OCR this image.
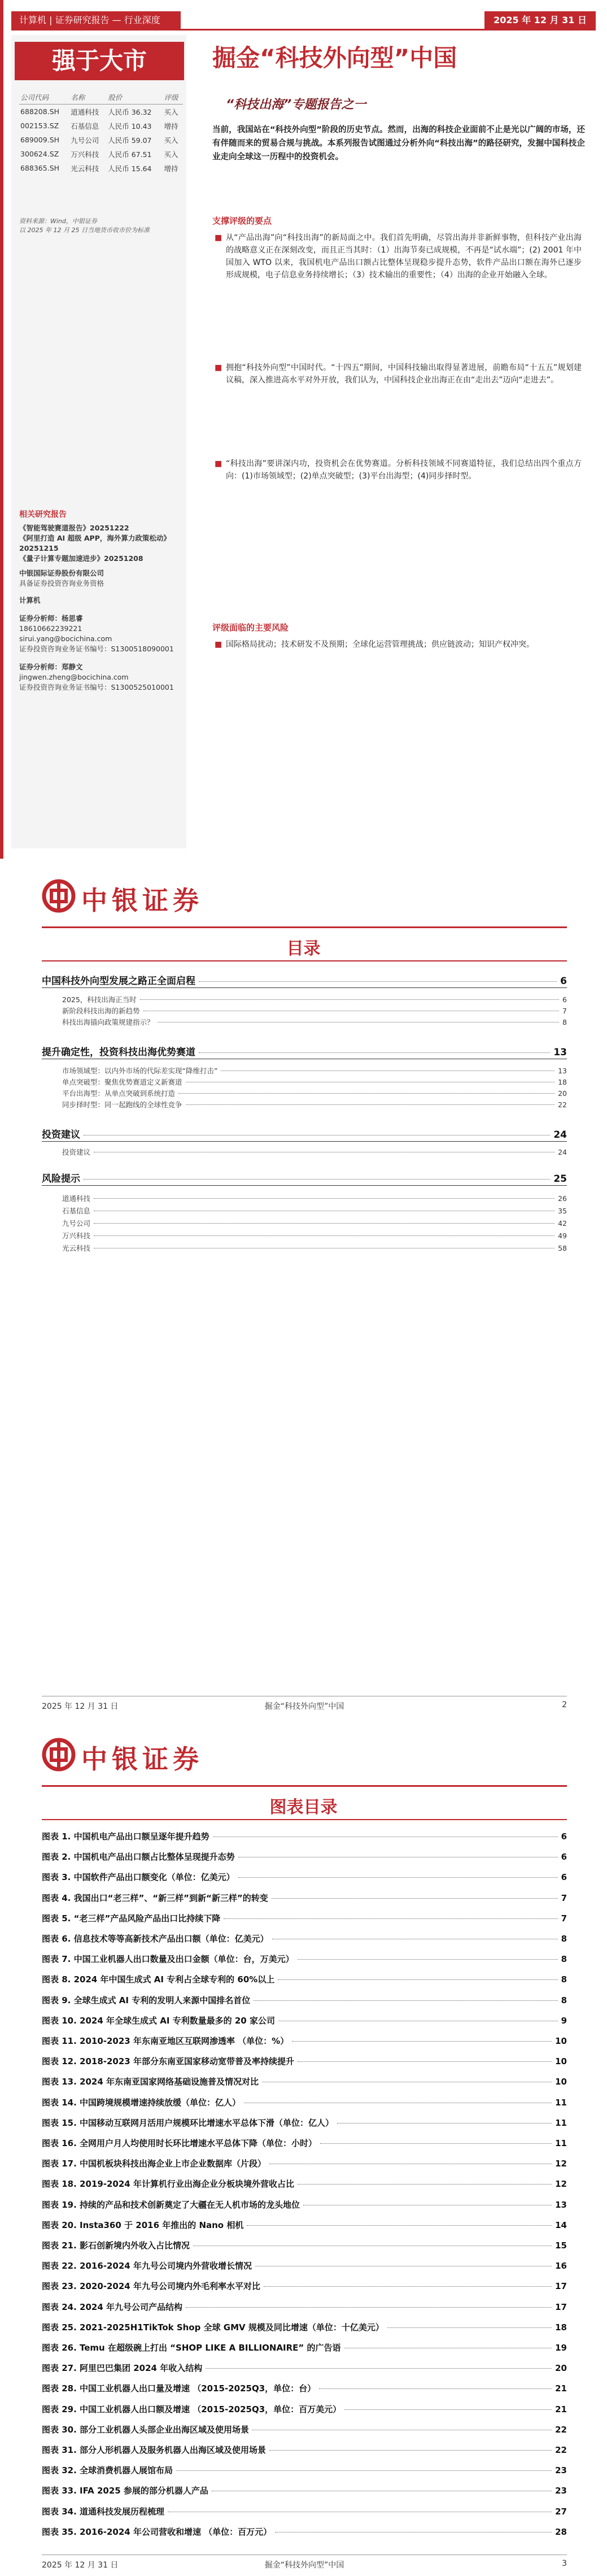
计算机 | 证券研究报告 — 行业深度	2025 年 12 月 31 日
强于大市
公司代码	名称	股价	评级
688208.SH	道通科技	人民币 36.32	买入
002153.SZ	石基信息	人民币 10.43	增持
689009.SH	九号公司	人民币 59.07	买入
300624.SZ	万兴科技	人民币 67.51	买入
688365.SH	光云科技	人民币 15.64	增持
资料来源：Wind，中银证券
以 2025 年 12 月 25 日当地货币收市价为标准
相关研究报告
《智能驾驶赛道报告》20251222
《阿里打造 AI 超级 APP，海外算力政策松动》20251215
《量子计算专题加速进步》20251208
中银国际证券股份有限公司
具备证券投资咨询业务资格
计算机
证券分析师：杨思睿
18610662239221
sirui.yang@bocichina.com
证券投资咨询业务证书编号：S1300518090001
证券分析师：郑静文
jingwen.zheng@bocichina.com
证券投资咨询业务证书编号：S1300525010001
掘金“科技外向型”中国
“科技出海”专题报告之一
当前，我国站在“科技外向型”阶段的历史节点。然而，出海的科技企业面前不止是光以广阔的市场，还有伴随而来的贸易合规与挑战。本系列报告试图通过分析外向“科技出海”的路径研究，发掘中国科技企业走向全球这一历程中的投资机会。
支撑评级的要点
■ 从“产品出海”向“科技出海”的新局面之中。我们首先明确，尽管出海并非新鲜事物，但科技产业出海的战略意义正在深刻改变，而且正当其时：（1）出海节奏已成规模，不再是“试水端”；(2) 2001 年中国加入 WTO 以来，我国机电产品出口额占比整体呈现稳步提升态势，软件产品出口额在海外已逐步形成规模，电子信息业务持续增长；（3）技术输出的重要性；（4）出海的企业开始融入全球。
■ 拥抱“科技外向型”中国时代。“十四五”期间，中国科技输出取得显著进展，前瞻布局“十五五”规划建议稿，深入推进高水平对外开放，我们认为，中国科技企业出海正在由“走出去”迈向“走进去”。
■ “科技出海”要讲深内功，投资机会在优势赛道。分析科技领域不同赛道特征，我们总结出四个重点方向：(1)市场领域型；(2)单点突破型；(3)平台出海型；(4)同步择时型。
评级面临的主要风险
■ 国际格局扰动；技术研发不及预期；全球化运营管理挑战；供应链波动；知识产权冲突。
中银证券
目录
中国科技外向型发展之路正全面启程	6
2025，科技出海正当时	6
新阶段科技出海的新趋势	7
科技出海锚向政策规建指示？	8
提升确定性，投资科技出海优势赛道	13
市场领域型：以内外市场的代际差实现“降维打击”	13
单点突破型：聚焦优势赛道定义新赛道	18
平台出海型：从单点突破到系统打造	20
同步择时型：同一起跑线的全球性竞争	22
投资建议	24
投资建议	24
风险提示	25
道通科技	26
石基信息	35
九号公司	42
万兴科技	49
光云科技	58
2025 年 12 月 31 日	掘金“科技外向型”中国	2
中银证券
图表目录
图表 1. 中国机电产品出口额呈逐年提升趋势	6
图表 2. 中国机电产品出口额占比整体呈现提升态势	6
图表 3. 中国软件产品出口额变化（单位：亿美元）	6
图表 4. 我国出口“老三样”、“新三样”到新“新三样”的转变	7
图表 5. “老三样”产品风险产品出口比持续下降	7
图表 6. 信息技术等等高新技术产品出口额（单位：亿美元）	8
图表 7. 中国工业机器人出口数量及出口金额（单位：台，万美元）	8
图表 8. 2024 年中国生成式 AI 专利占全球专利的 60%以上	8
图表 9. 全球生成式 AI 专利的发明人来源中国排名首位	8
图表 10. 2024 年全球生成式 AI 专利数量最多的 20 家公司	9
图表 11. 2010-2023 年东南亚地区互联网渗透率 （单位：%）	10
图表 12. 2018-2023 年部分东南亚国家移动宽带普及率持续提升	10
图表 13. 2024 年东南亚国家网络基础设施普及情况对比	10
图表 14. 中国跨境规模增速持续放缓（单位：亿人）	11
图表 15. 中国移动互联网月活用户规模环比增速水平总体下滑（单位：亿人）	11
图表 16. 全网用户月人均使用时长环比增速水平总体下降（单位：小时）	11
图表 17. 中国机板块科技出海企业上市企业数据库（片段）	12
图表 18. 2019-2024 年计算机行业出海企业分板块境外营收占比	12
图表 19. 持续的产品和技术创新奠定了大疆在无人机市场的龙头地位	13
图表 20. Insta360 于 2016 年推出的 Nano 相机	14
图表 21. 影石创新境内外收入占比情况	15
图表 22. 2016-2024 年九号公司境内外营收增长情况	16
图表 23. 2020-2024 年九号公司境内外毛利率水平对比	17
图表 24. 2024 年九号公司产品结构	17
图表 25. 2021-2025H1TikTok Shop 全球 GMV 规模及同比增速（单位：十亿美元）	18
图表 26. Temu 在超级碗上打出 “SHOP LIKE A BILLIONAIRE” 的广告语	19
图表 27. 阿里巴巴集团 2024 年收入结构	20
图表 28. 中国工业机器人出口量及增速 （2015-2025Q3，单位：台）	21
图表 29. 中国工业机器人出口额及增速 （2015-2025Q3，单位：百万美元）	21
图表 30. 部分工业机器人头部企业出海区域及使用场景	22
图表 31. 部分人形机器人及服务机器人出海区域及使用场景	22
图表 32. 全球消费机器人展馆布局	23
图表 33. IFA 2025 参展的部分机器人产品	23
图表 34. 道通科技发展历程梳理	27
图表 35. 2016-2024 年公司营收和增速 （单位：百万元）	28
2025 年 12 月 31 日	掘金“科技外向型”中国	3
